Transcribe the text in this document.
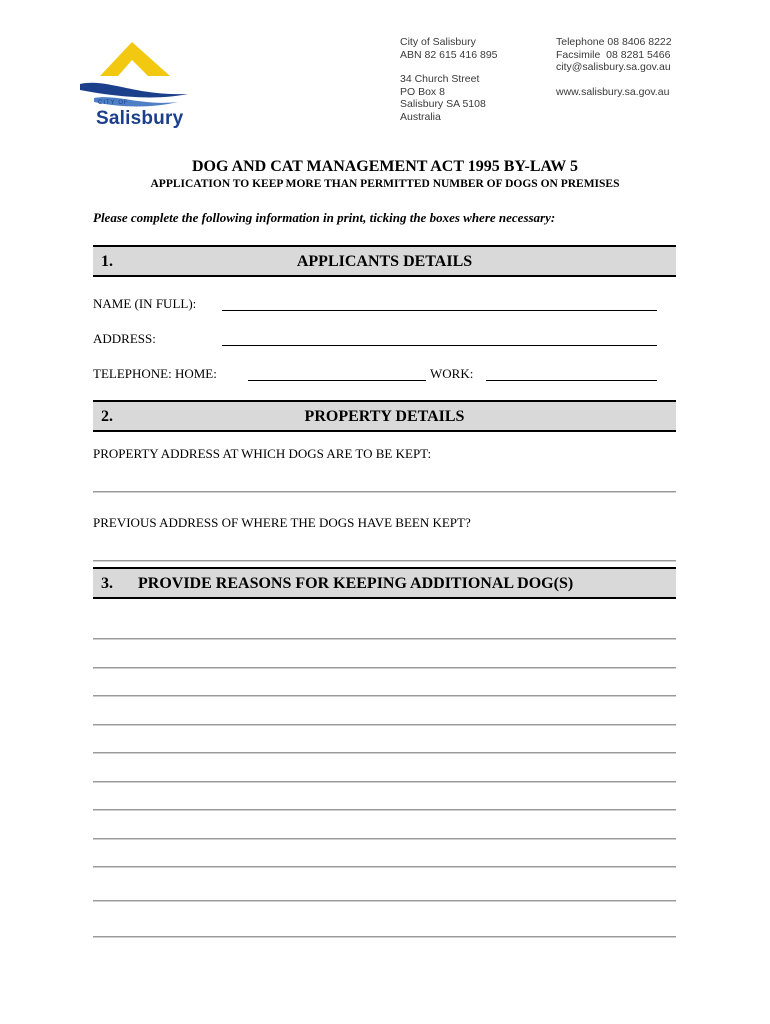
CITY OF
Salisbury
City of Salisbury
ABN 82 615 416 895
34 Church Street
PO Box 8
Salisbury SA 5108
Australia
Telephone 08 8406 8222
Facsimile  08 8281 5466
city@salisbury.sa.gov.au
www.salisbury.sa.gov.au
DOG AND CAT MANAGEMENT ACT 1995 BY-LAW 5
APPLICATION TO KEEP MORE THAN PERMITTED NUMBER OF DOGS ON PREMISES
Please complete the following information in print, ticking the boxes where necessary:
1.	APPLICANTS DETAILS
NAME (IN FULL):
ADDRESS:
TELEPHONE: HOME:	WORK:
2.	PROPERTY DETAILS
PROPERTY ADDRESS AT WHICH DOGS ARE TO BE KEPT:
PREVIOUS ADDRESS OF WHERE THE DOGS HAVE BEEN KEPT?
3. PROVIDE REASONS FOR KEEPING ADDITIONAL DOG(S)
